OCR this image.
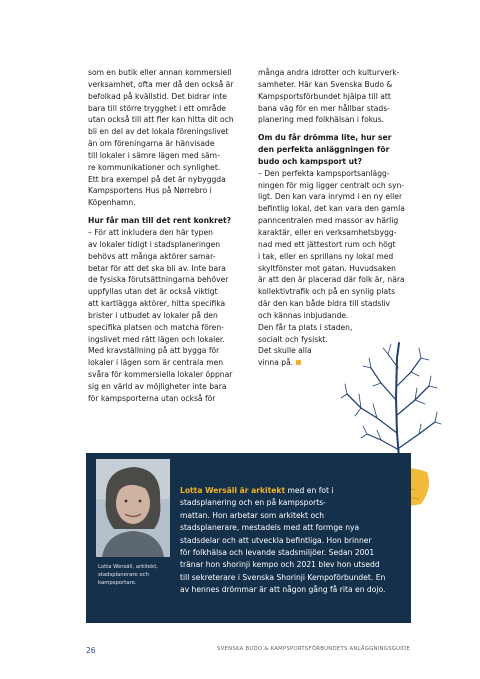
som en butik eller annan kommersiell

verksamhet, ofta mer då den också är

befolkad på kvällstid. Det bidrar inte

bara till större trygghet i ett område

utan också till att fler kan hitta dit och

bli en del av det lokala föreningslivet

än om föreningarna är hänvisade

till lokaler i sämre lägen med säm-

re kommunikationer och synlighet.

Ett bra exempel på det är nybyggda

Kampsportens Hus på Nørrebro i

Köpenhamn.

Hur får man till det rent konkret?

– För att inkludera den här typen

av lokaler tidigt i stadsplaneringen

behövs att många aktörer samar-

betar för att det ska bli av. Inte bara

de fysiska förutsättningarna behöver

uppfyllas utan det är också viktigt

att kartlägga aktörer, hitta specifika

brister i utbudet av lokaler på den

specifika platsen och matcha fören-

ingslivet med rätt lägen och lokaler.

Med kravställning på att bygga för

lokaler i lägen som är centrala men

svåra för kommersiella lokaler öppnar

sig en värld av möjligheter inte bara

för kampsporterna utan också för

många andra idrotter och kulturverk-

samheter. Här kan Svenska Budo &

Kampsportsförbundet hjälpa till att

bana väg för en mer hållbar stads-

planering med folkhälsan i fokus.

Om du får drömma lite, hur ser
den perfekta anläggningen för
budo och kampsport ut?

– Den perfekta kampsportsanlägg-

ningen för mig ligger centralt och syn-

ligt. Den kan vara inrymd i en ny eller

befintlig lokal, det kan vara den gamla

panncentralen med massor av härlig

karaktär, eller en verksamhetsbygg-

nad med ett jättestort rum och högt

i tak, eller en sprillans ny lokal med

skyltfönster mot gatan. Huvudsaken

är att den är placerad där folk är, nära

kollektivtrafik och på en synlig plats

där den kan både bidra till stadsliv

och kännas inbjudande.

Den får ta plats i staden,

socialt och fysiskt.

Det skulle alla

vinna på.

Lotta Wersäll, arkitekt,
stadsplanerare och
kampsportare.
Lotta Wersäll är arkitekt med en fot i
stadsplanering och en på kampsports-
mattan. Hon arbetar som arkitekt och
stadsplanerare, mestadels med att formge nya
stadsdelar och att utveckla befintliga. Hon brinner
för folkhälsa och levande stadsmiljöer. Sedan 2001
tränar hon shorinji kempo och 2021 blev hon utsedd
till sekreterare i Svenska Shorinji Kempoförbundet. En
av hennes drömmar är att någon gång få rita en dojo.
26	SVENSKA BUDO & KAMPSPORTSFÖRBUNDETS ANLÄGGNINGSGUIDE
